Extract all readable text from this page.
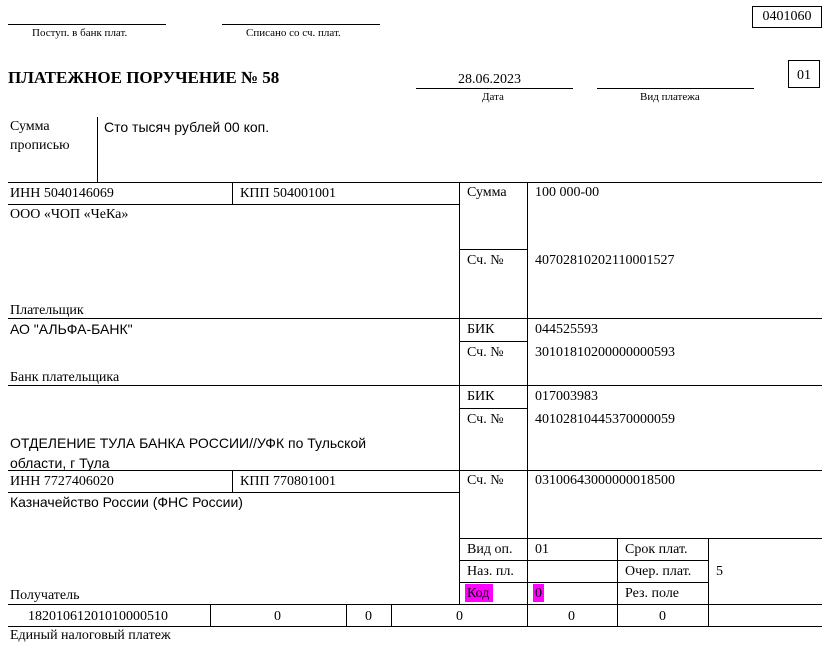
Поступ. в банк плат.	Списано со сч. плат.
0401060
ПЛАТЕЖНОЕ ПОРУЧЕНИЕ № 58	28.06.2023
Дата	Вид платежа
01
Сумма
прописью
Сто тысяч рублей 00 коп.
ИНН 5040146069	КПП 504001001
ООО «ЧОП «ЧеКа»
Плательщик
Сумма 100 000-00
Сч. № 40702810202110001527
АО "АЛЬФА-БАНК"
Банк плательщика
БИК	044525593
Сч. № 30101810200000000593
ОТДЕЛЕНИЕ ТУЛА БАНКА РОССИИ//УФК по Тульской
области, г Тула
БИК	017003983
Сч. № 40102810445370000059
ИНН 7727406020	КПП 770801001
Казначейство России (ФНС России)
Получатель
Сч. № 03100643000000018500
Вид оп. 01
Наз. пл.
Код	0
Срок плат.
Очер. плат. 5
Рез. поле
18201061201010000510	0	0	0	0	0
Единый налоговый платеж
